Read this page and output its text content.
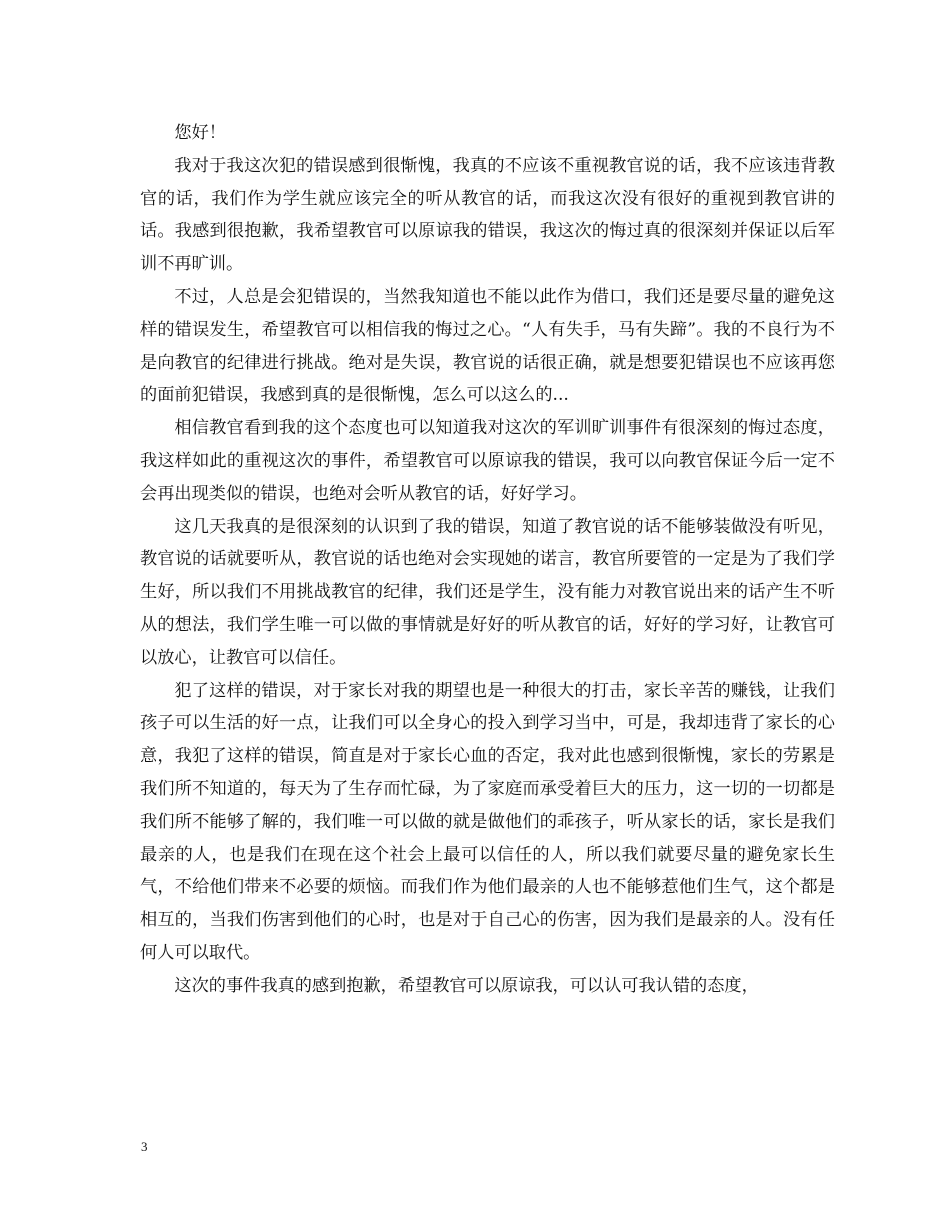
您好！

我对于我这次犯的错误感到很惭愧，我真的不应该不重视教官说的话，我不应该违背教官的话，我们作为学生就应该完全的听从教官的话，而我这次没有很好的重视到教官讲的话。我感到很抱歉，我希望教官可以原谅我的错误，我这次的悔过真的很深刻并保证以后军训不再旷训。

不过，人总是会犯错误的，当然我知道也不能以此作为借口，我们还是要尽量的避免这样的错误发生，希望教官可以相信我的悔过之心。“人有失手，马有失蹄”。我的不良行为不是向教官的纪律进行挑战。绝对是失误，教官说的话很正确，就是想要犯错误也不应该再您的面前犯错误，我感到真的是很惭愧，怎么可以这么的...

相信教官看到我的这个态度也可以知道我对这次的军训旷训事件有很深刻的悔过态度，我这样如此的重视这次的事件，希望教官可以原谅我的错误，我可以向教官保证今后一定不会再出现类似的错误，也绝对会听从教官的话，好好学习。

这几天我真的是很深刻的认识到了我的错误，知道了教官说的话不能够装做没有听见，教官说的话就要听从，教官说的话也绝对会实现她的诺言，教官所要管的一定是为了我们学生好，所以我们不用挑战教官的纪律，我们还是学生，没有能力对教官说出来的话产生不听从的想法，我们学生唯一可以做的事情就是好好的听从教官的话，好好的学习好，让教官可以放心，让教官可以信任。

犯了这样的错误，对于家长对我的期望也是一种很大的打击，家长辛苦的赚钱，让我们孩子可以生活的好一点，让我们可以全身心的投入到学习当中，可是，我却违背了家长的心意，我犯了这样的错误，简直是对于家长心血的否定，我对此也感到很惭愧，家长的劳累是我们所不知道的，每天为了生存而忙碌，为了家庭而承受着巨大的压力，这一切的一切都是我们所不能够了解的，我们唯一可以做的就是做他们的乖孩子，听从家长的话，家长是我们最亲的人，也是我们在现在这个社会上最可以信任的人，所以我们就要尽量的避免家长生气，不给他们带来不必要的烦恼。而我们作为他们最亲的人也不能够惹他们生气，这个都是相互的，当我们伤害到他们的心时，也是对于自己心的伤害，因为我们是最亲的人。没有任何人可以取代。

这次的事件我真的感到抱歉，希望教官可以原谅我，可以认可我认错的态度，

3
